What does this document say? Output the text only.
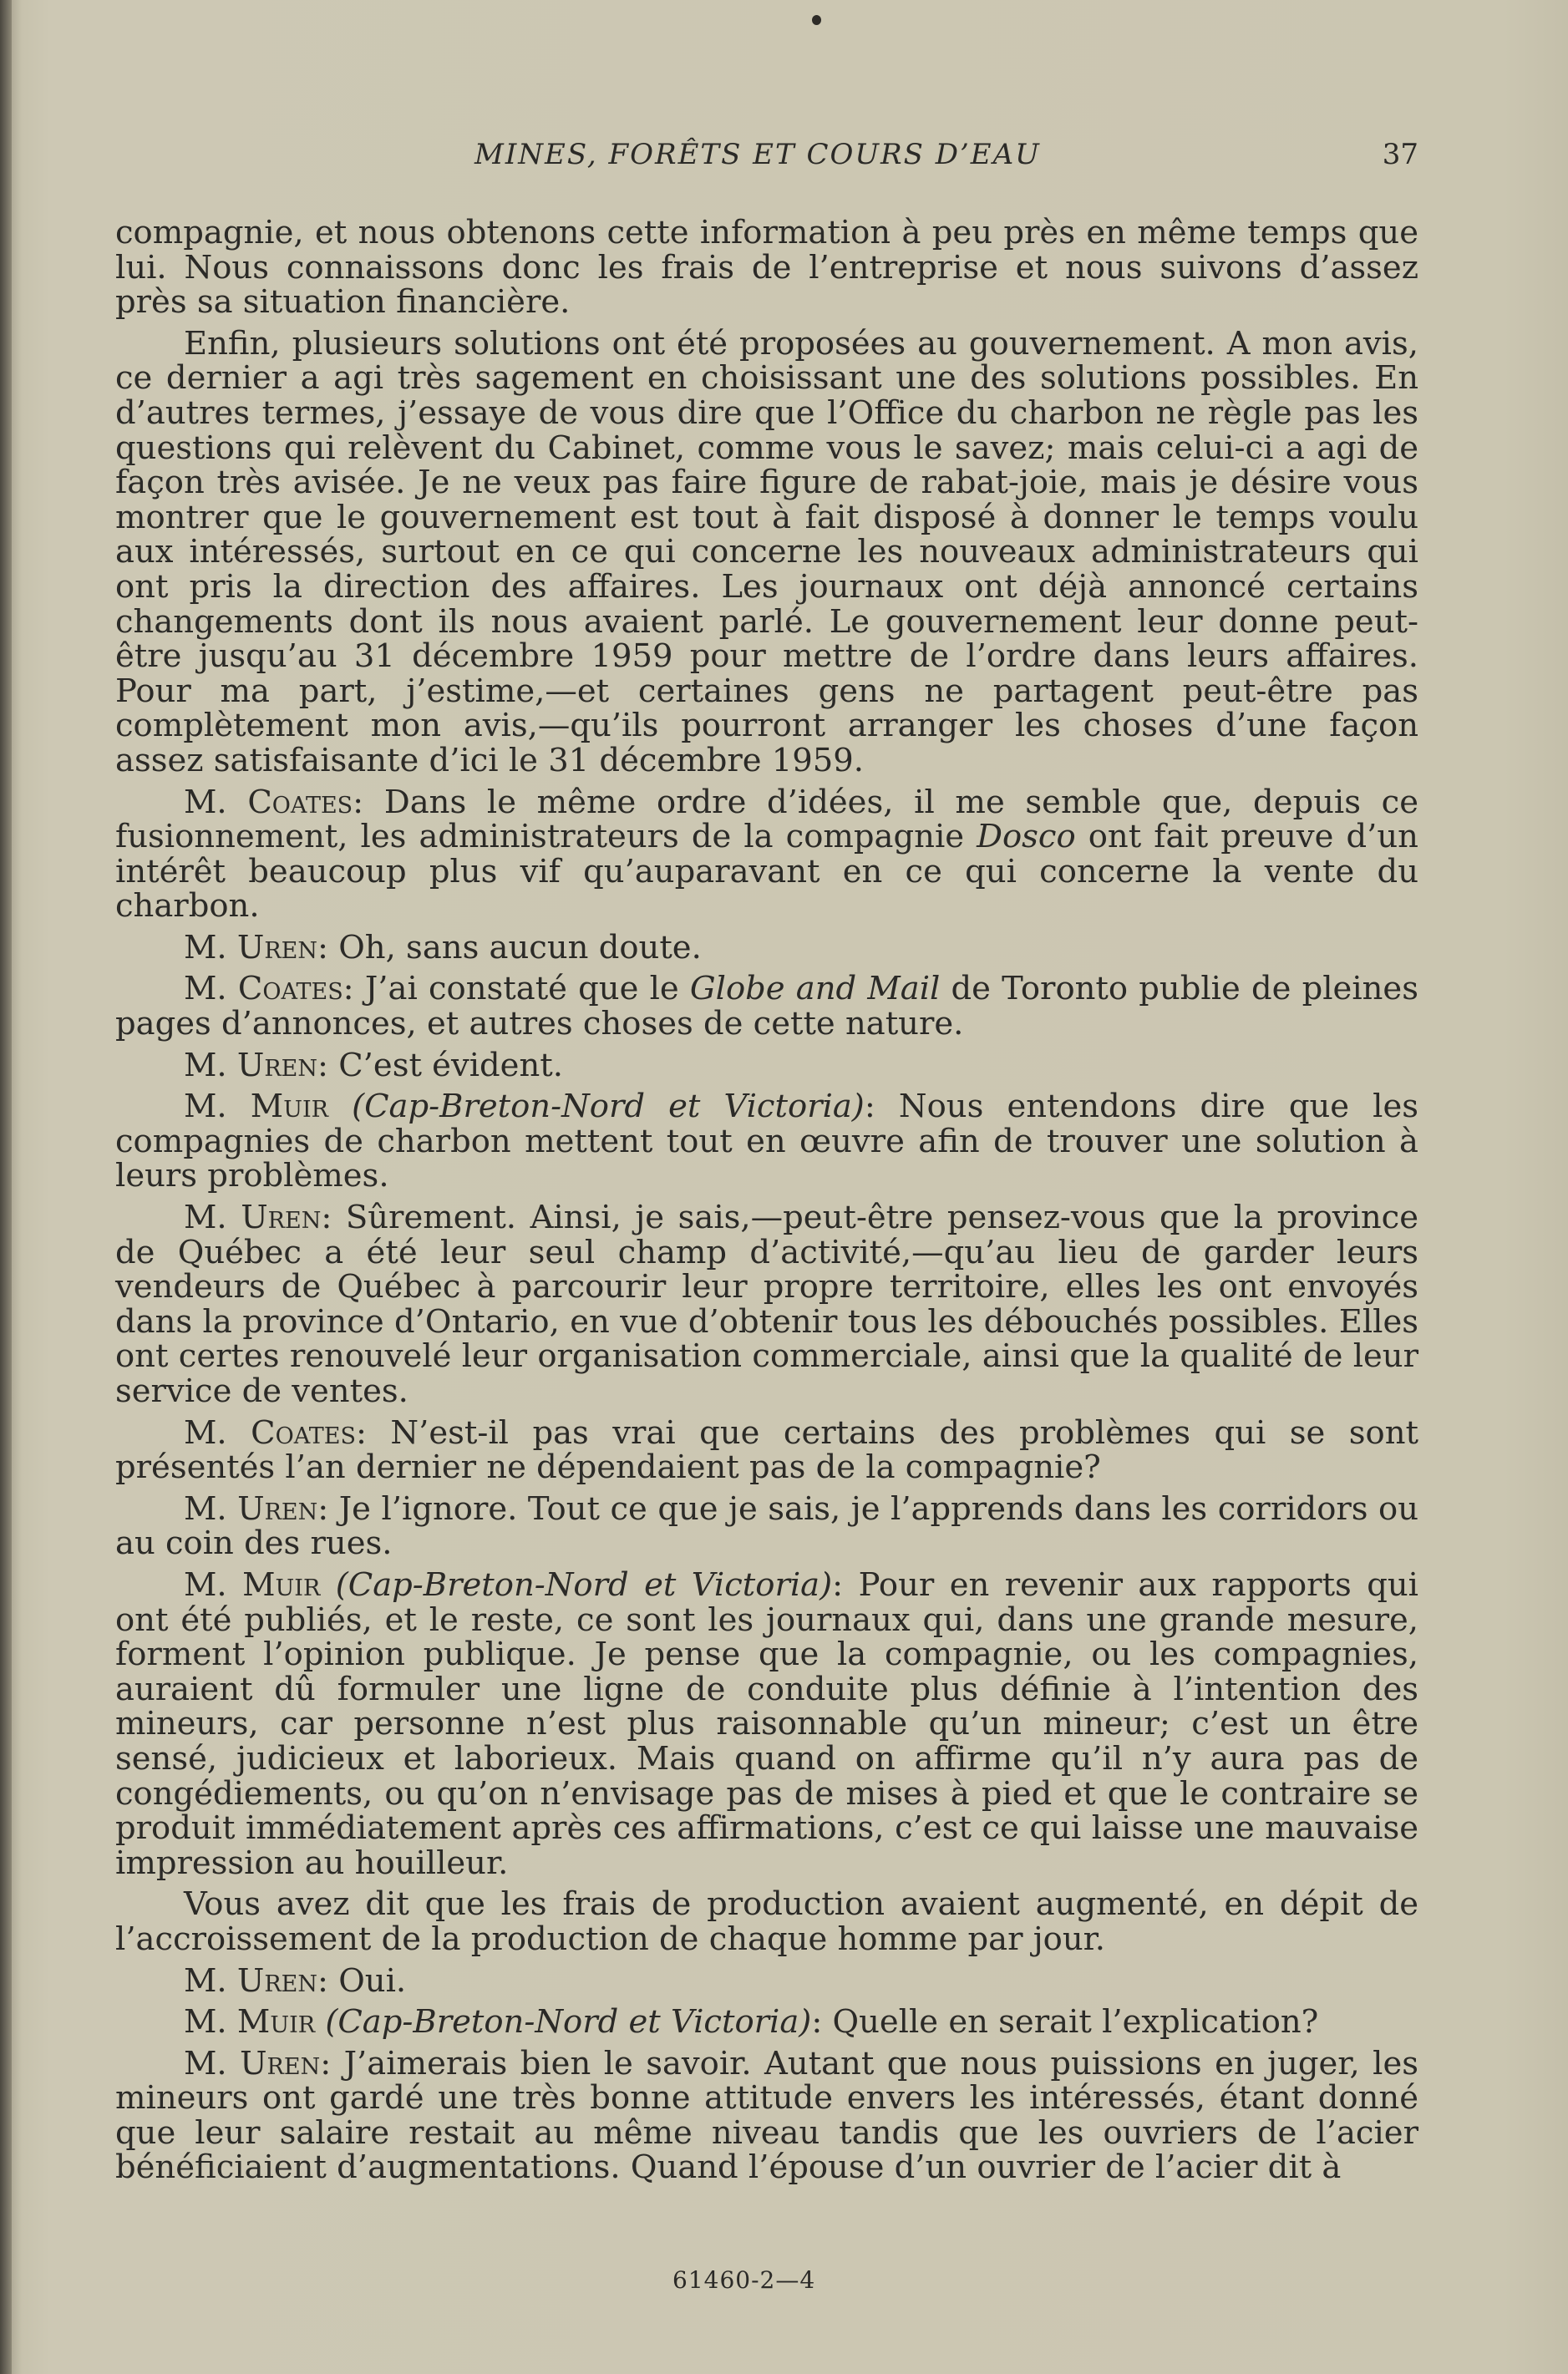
MINES, FORÊTS ET COURS D’EAU	37

compagnie, et nous obtenons cette information à peu près en même temps que lui. Nous connaissons donc les frais de l’entreprise et nous suivons d’assez près sa situation financière.

Enfin, plusieurs solutions ont été proposées au gouvernement. A mon avis, ce dernier a agi très sagement en choisissant une des solutions possibles. En d’autres termes, j’essaye de vous dire que l’Office du charbon ne règle pas les questions qui relèvent du Cabinet, comme vous le savez; mais celui-ci a agi de façon très avisée. Je ne veux pas faire figure de rabat-joie, mais je désire vous montrer que le gouvernement est tout à fait disposé à donner le temps voulu aux intéressés, surtout en ce qui concerne les nouveaux administrateurs qui ont pris la direction des affaires. Les journaux ont déjà annoncé certains changements dont ils nous avaient parlé. Le gouvernement leur donne peut-être jusqu’au 31 décembre 1959 pour mettre de l’ordre dans leurs affaires. Pour ma part, j’estime,—et certaines gens ne partagent peut-être pas complètement mon avis,—qu’ils pourront arranger les choses d’une façon assez satisfaisante d’ici le 31 décembre 1959.

M. Coates: Dans le même ordre d’idées, il me semble que, depuis ce fusionnement, les administrateurs de la compagnie Dosco ont fait preuve d’un intérêt beaucoup plus vif qu’auparavant en ce qui concerne la vente du charbon.

M. Uren: Oh, sans aucun doute.

M. Coates: J’ai constaté que le Globe and Mail de Toronto publie de pleines pages d’annonces, et autres choses de cette nature.

M. Uren: C’est évident.

M. Muir (Cap-Breton-Nord et Victoria): Nous entendons dire que les compagnies de charbon mettent tout en œuvre afin de trouver une solution à leurs problèmes.

M. Uren: Sûrement. Ainsi, je sais,—peut-être pensez-vous que la province de Québec a été leur seul champ d’activité,—qu’au lieu de garder leurs vendeurs de Québec à parcourir leur propre territoire, elles les ont envoyés dans la province d’Ontario, en vue d’obtenir tous les débouchés possibles. Elles ont certes renouvelé leur organisation commerciale, ainsi que la qualité de leur service de ventes.

M. Coates: N’est-il pas vrai que certains des problèmes qui se sont présentés l’an dernier ne dépendaient pas de la compagnie?

M. Uren: Je l’ignore. Tout ce que je sais, je l’apprends dans les corridors ou au coin des rues.

M. Muir (Cap-Breton-Nord et Victoria): Pour en revenir aux rapports qui ont été publiés, et le reste, ce sont les journaux qui, dans une grande mesure, forment l’opinion publique. Je pense que la compagnie, ou les compagnies, auraient dû formuler une ligne de conduite plus définie à l’intention des mineurs, car personne n’est plus raisonnable qu’un mineur; c’est un être sensé, judicieux et laborieux. Mais quand on affirme qu’il n’y aura pas de congédiements, ou qu’on n’envisage pas de mises à pied et que le contraire se produit immédiatement après ces affirmations, c’est ce qui laisse une mauvaise impression au houilleur.

Vous avez dit que les frais de production avaient augmenté, en dépit de l’accroissement de la production de chaque homme par jour.

M. Uren: Oui.

M. Muir (Cap-Breton-Nord et Victoria): Quelle en serait l’explication?

M. Uren: J’aimerais bien le savoir. Autant que nous puissions en juger, les mineurs ont gardé une très bonne attitude envers les intéressés, étant donné que leur salaire restait au même niveau tandis que les ouvriers de l’acier bénéficiaient d’augmentations. Quand l’épouse d’un ouvrier de l’acier dit à

61460-2—4
